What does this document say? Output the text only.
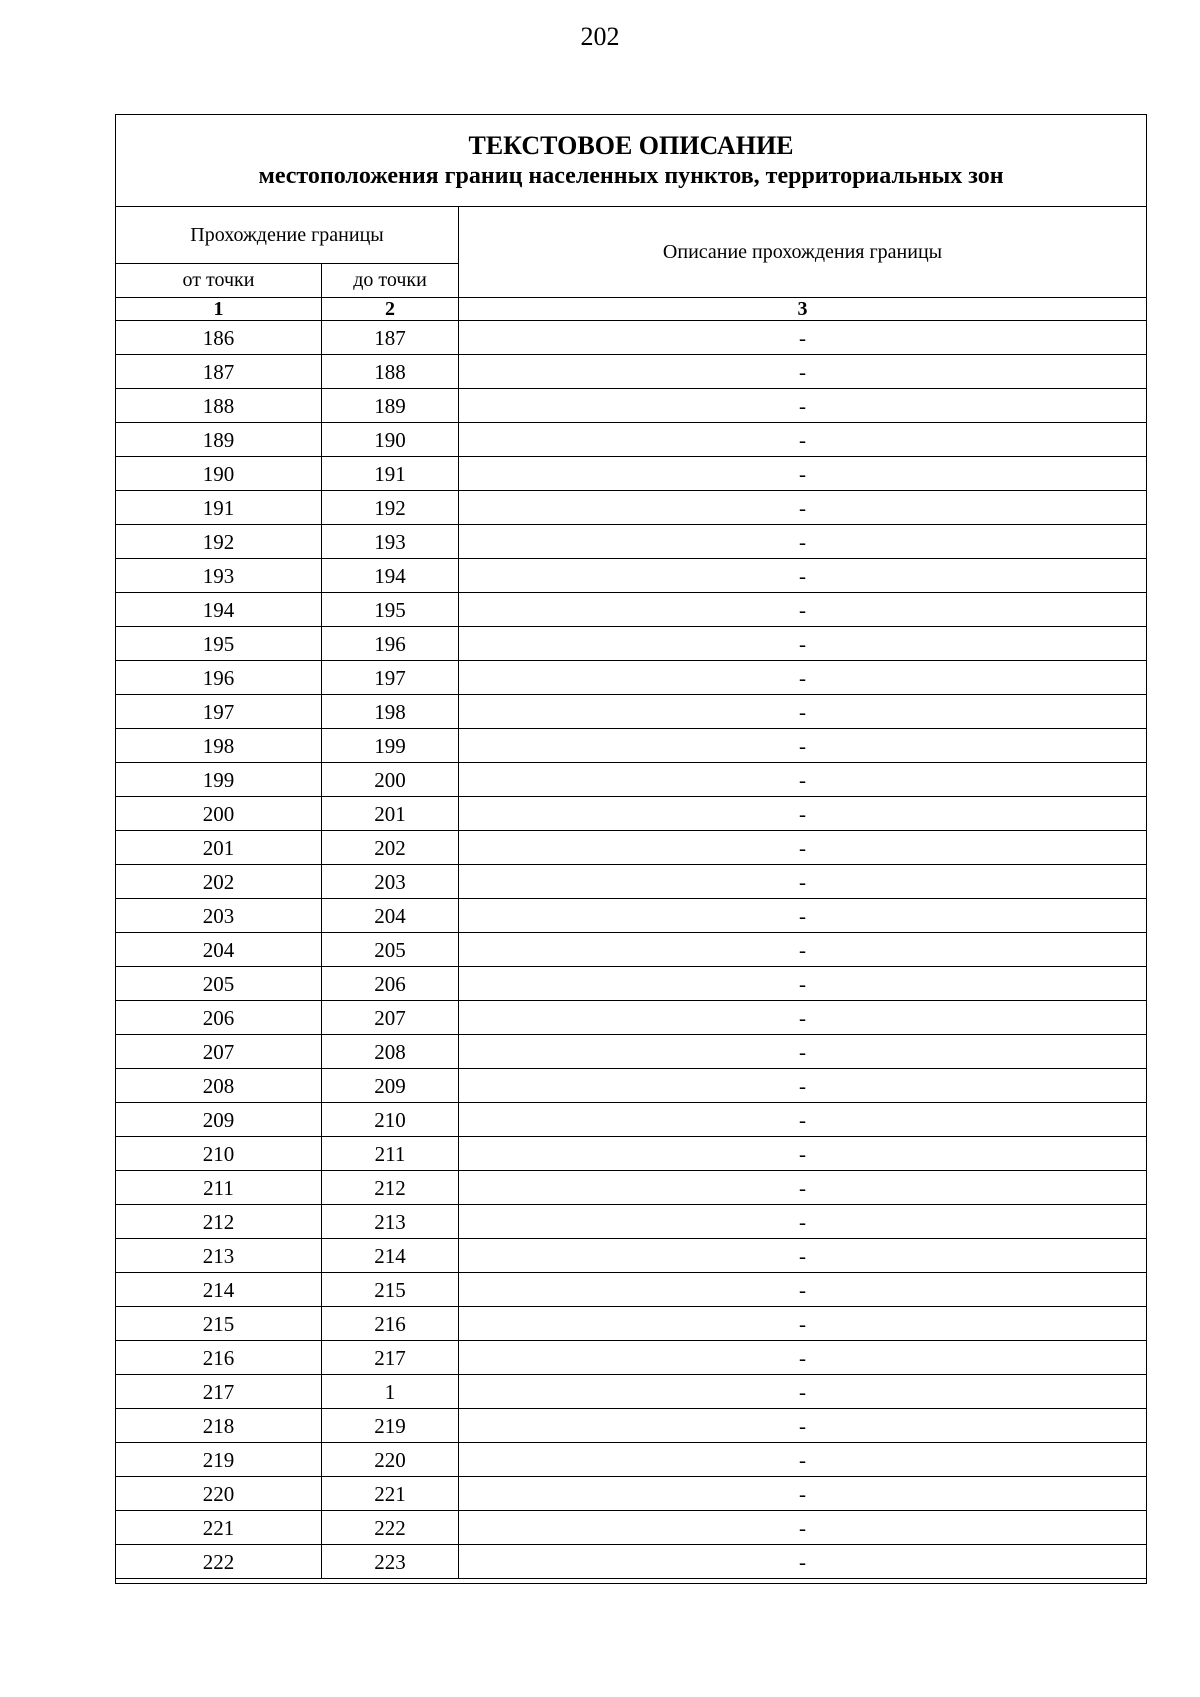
202
ТЕКСТОВОЕ ОПИСАНИЕ
местоположения границ населенных пунктов, территориальных зон		

Прохождение границы		Описание прохождения границы
от точки	до точки	
1	2	3
186	187	-
187	188	-
188	189	-
189	190	-
190	191	-
191	192	-
192	193	-
193	194	-
194	195	-
195	196	-
196	197	-
197	198	-
198	199	-
199	200	-
200	201	-
201	202	-
202	203	-
203	204	-
204	205	-
205	206	-
206	207	-
207	208	-
208	209	-
209	210	-
210	211	-
211	212	-
212	213	-
213	214	-
214	215	-
215	216	-
216	217	-
217	1	-
218	219	-
219	220	-
220	221	-
221	222	-
222	223	-
